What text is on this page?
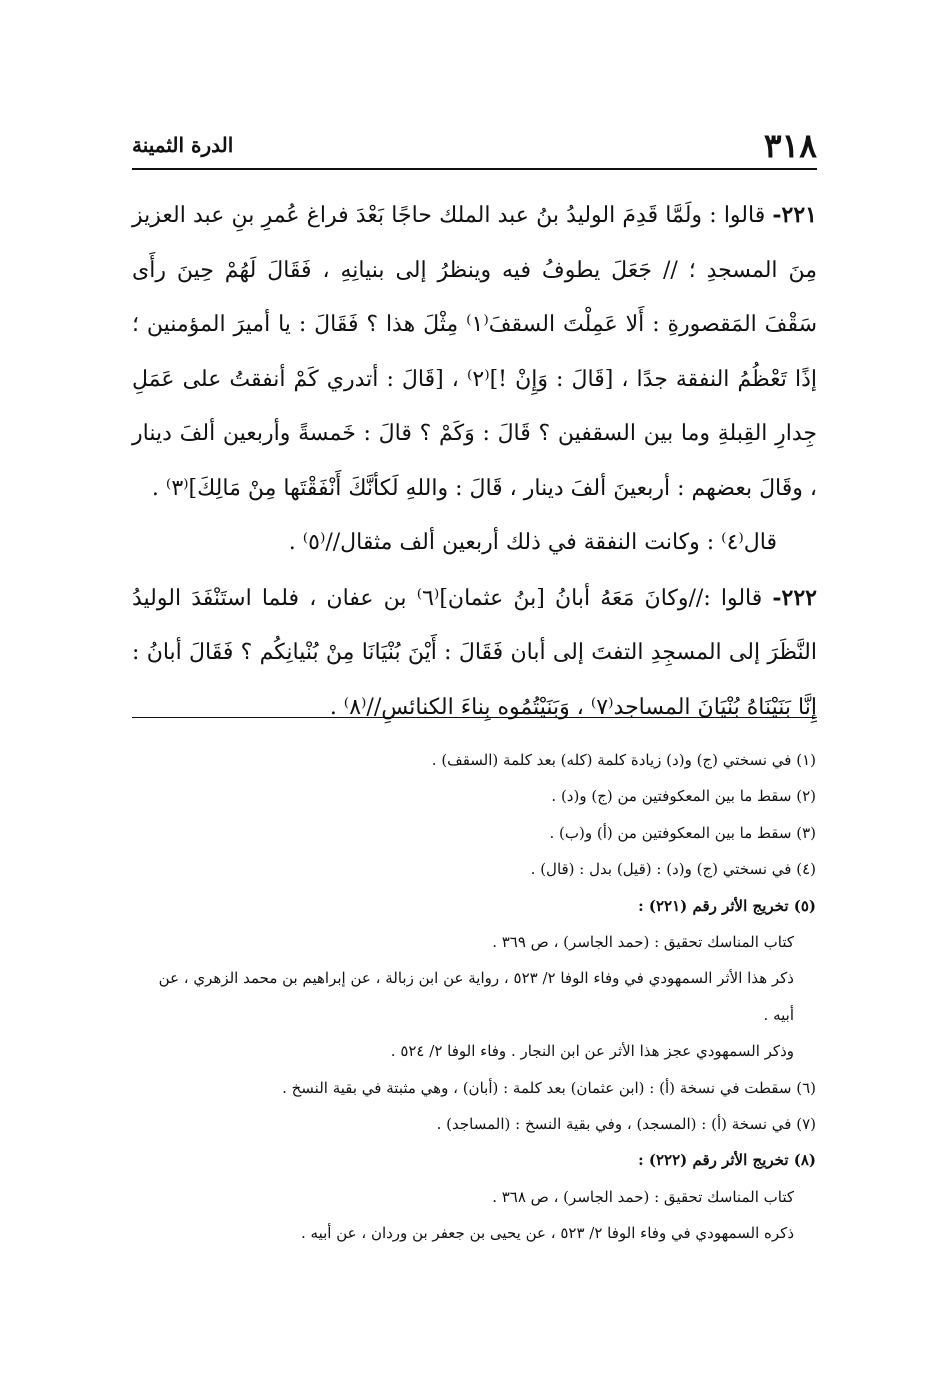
٣١٨
الدرة الثمينة

٢٢١- قالوا : ولَمَّا قَدِمَ الوليدُ بنُ عبد الملك حاجًا بَعْدَ فراغ عُمرِ بنِ عبد العزيز مِنَ المسجدِ ؛ // جَعَلَ يطوفُ فيه وينظرُ إلى بنيانِهِ ، فَقَالَ لَهُمْ حِينَ رأَى سَقْفَ المَقصورةِ : أَلا عَمِلْتَ السقفَ⁽١⁾ مِثْلَ هذا ؟ فَقَالَ : يا أميرَ المؤمنين ؛ إذًا تَعْظُمُ النفقة جدًا ، [قَالَ : وَإِنْ !]⁽٢⁾ ، [قَالَ : أتدري كَمْ أنفقتُ على عَمَلِ جِدارِ القِبلةِ وما بين السقفين ؟ قَالَ : وَكَمْ ؟ قالَ : خَمسةً وأربعين ألفَ دينار ، وقَالَ بعضهم : أربعينَ ألفَ دينار ، قَالَ : واللهِ لَكأنَّكَ أَنْفَقْتَها مِنْ مَالِكَ]⁽٣⁾ .

قال⁽٤⁾ : وكانت النفقة في ذلك أربعين ألف مثقال//⁽٥⁾ .

٢٢٢- قالوا ://وكانَ مَعَهُ أبانُ [بنُ عثمان]⁽٦⁾ بن عفان ، فلما استَنْفَدَ الوليدُ النَّظَرَ إلى المسجِدِ التفتَ إلى أبان فَقَالَ : أَيْنَ بُنْيَانَا مِنْ بُنْيانِكُم ؟ فَقَالَ أبانُ : إِنَّا بَنَيْنَاهُ بُنْيَانَ المساجد⁽٧⁾ ، وَبَنَيْتُمُوه بِناءَ الكنائسِ//⁽٨⁾ .

(١) في نسختي (ج) و(د) زيادة كلمة (كله) بعد كلمة (السقف) .

(٢) سقط ما بين المعكوفتين من (ج) و(د) .

(٣) سقط ما بين المعكوفتين من (أ) و(ب) .

(٤) في نسختي (ج) و(د) : (قيل) بدل : (قال) .

(٥) تخريج الأثر رقم (٢٢١) :

كتاب المناسك تحقيق : (حمد الجاسر) ، ص ٣٦٩ .

ذكر هذا الأثر السمهودي في وفاء الوفا ٢/ ٥٢٣ ، رواية عن ابن زبالة ، عن إبراهيم بن محمد الزهري ، عن أبيه .

وذكر السمهودي عجز هذا الأثر عن ابن النجار . وفاء الوفا ٢/ ٥٢٤ .

(٦) سقطت في نسخة (أ) : (ابن عثمان) بعد كلمة : (أبان) ، وهي مثبتة في بقية النسخ .

(٧) في نسخة (أ) : (المسجد) ، وفي بقية النسخ : (المساجد) .

(٨) تخريج الأثر رقم (٢٢٢) :

كتاب المناسك تحقيق : (حمد الجاسر) ، ص ٣٦٨ .

ذكره السمهودي في وفاء الوفا ٢/ ٥٢٣ ، عن يحيى بن جعفر بن وردان ، عن أبيه .
